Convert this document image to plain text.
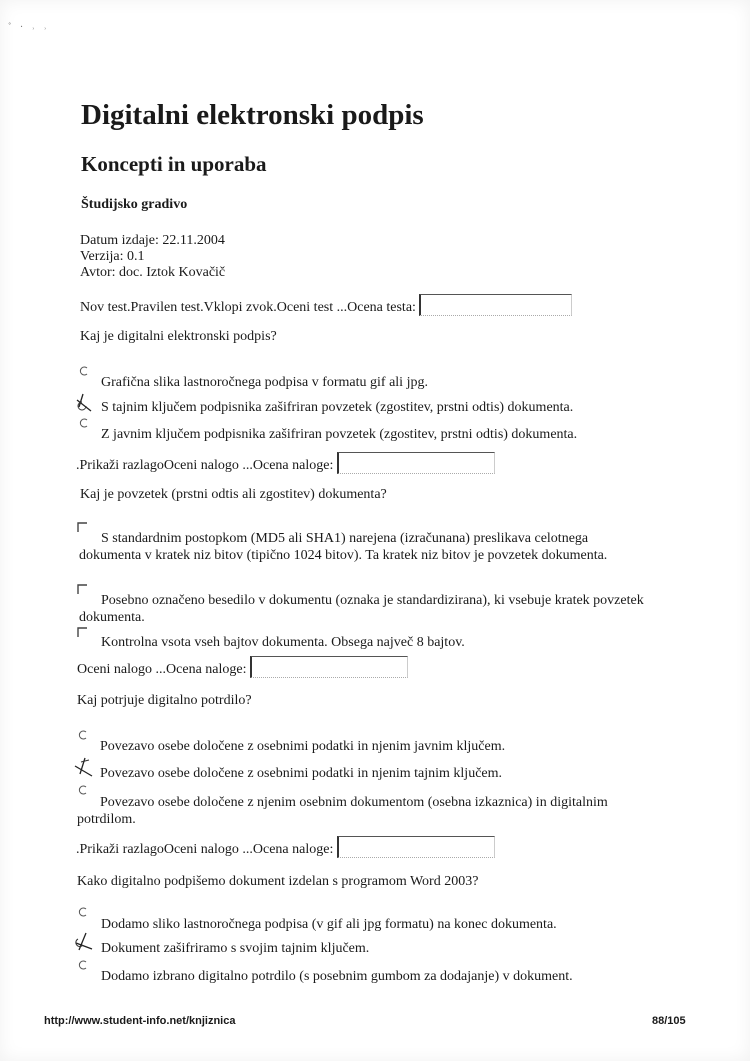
˚ · ˒ ˒
Digitalni elektronski podpis
Koncepti in uporaba
Študijsko gradivo
Datum izdaje: 22.11.2004
Verzija: 0.1
Avtor: doc. Iztok Kovačič
Nov test.Pravilen test.Vklopi zvok.Oceni test ...Ocena testa:
Kaj je digitalni elektronski podpis?
Grafična slika lastnoročnega podpisa v formatu gif ali jpg.
S tajnim ključem podpisnika zašifriran povzetek (zgostitev, prstni odtis) dokumenta.
Z javnim ključem podpisnika zašifriran povzetek (zgostitev, prstni odtis) dokumenta.
.Prikaži razlagoOceni nalogo ...Ocena naloge:
Kaj je povzetek (prstni odtis ali zgostitev) dokumenta?
S standardnim postopkom (MD5 ali SHA1) narejena (izračunana) preslikava celotnega dokumenta v kratek niz bitov (tipično 1024 bitov). Ta kratek niz bitov je povzetek dokumenta.
Posebno označeno besedilo v dokumentu (oznaka je standardizirana), ki vsebuje kratek povzetek dokumenta.
Kontrolna vsota vseh bajtov dokumenta. Obsega največ 8 bajtov.
Oceni nalogo ...Ocena naloge:
Kaj potrjuje digitalno potrdilo?
Povezavo osebe določene z osebnimi podatki in njenim javnim ključem.
Povezavo osebe določene z osebnimi podatki in njenim tajnim ključem.
Povezavo osebe določene z njenim osebnim dokumentom (osebna izkaznica) in digitalnim potrdilom.
.Prikaži razlagoOceni nalogo ...Ocena naloge:
Kako digitalno podpišemo dokument izdelan s programom Word 2003?
Dodamo sliko lastnoročnega podpisa (v gif ali jpg formatu) na konec dokumenta.
Dokument zašifriramo s svojim tajnim ključem.
Dodamo izbrano digitalno potrdilo (s posebnim gumbom za dodajanje) v dokument.
http://www.student-info.net/knjiznica	88/105
